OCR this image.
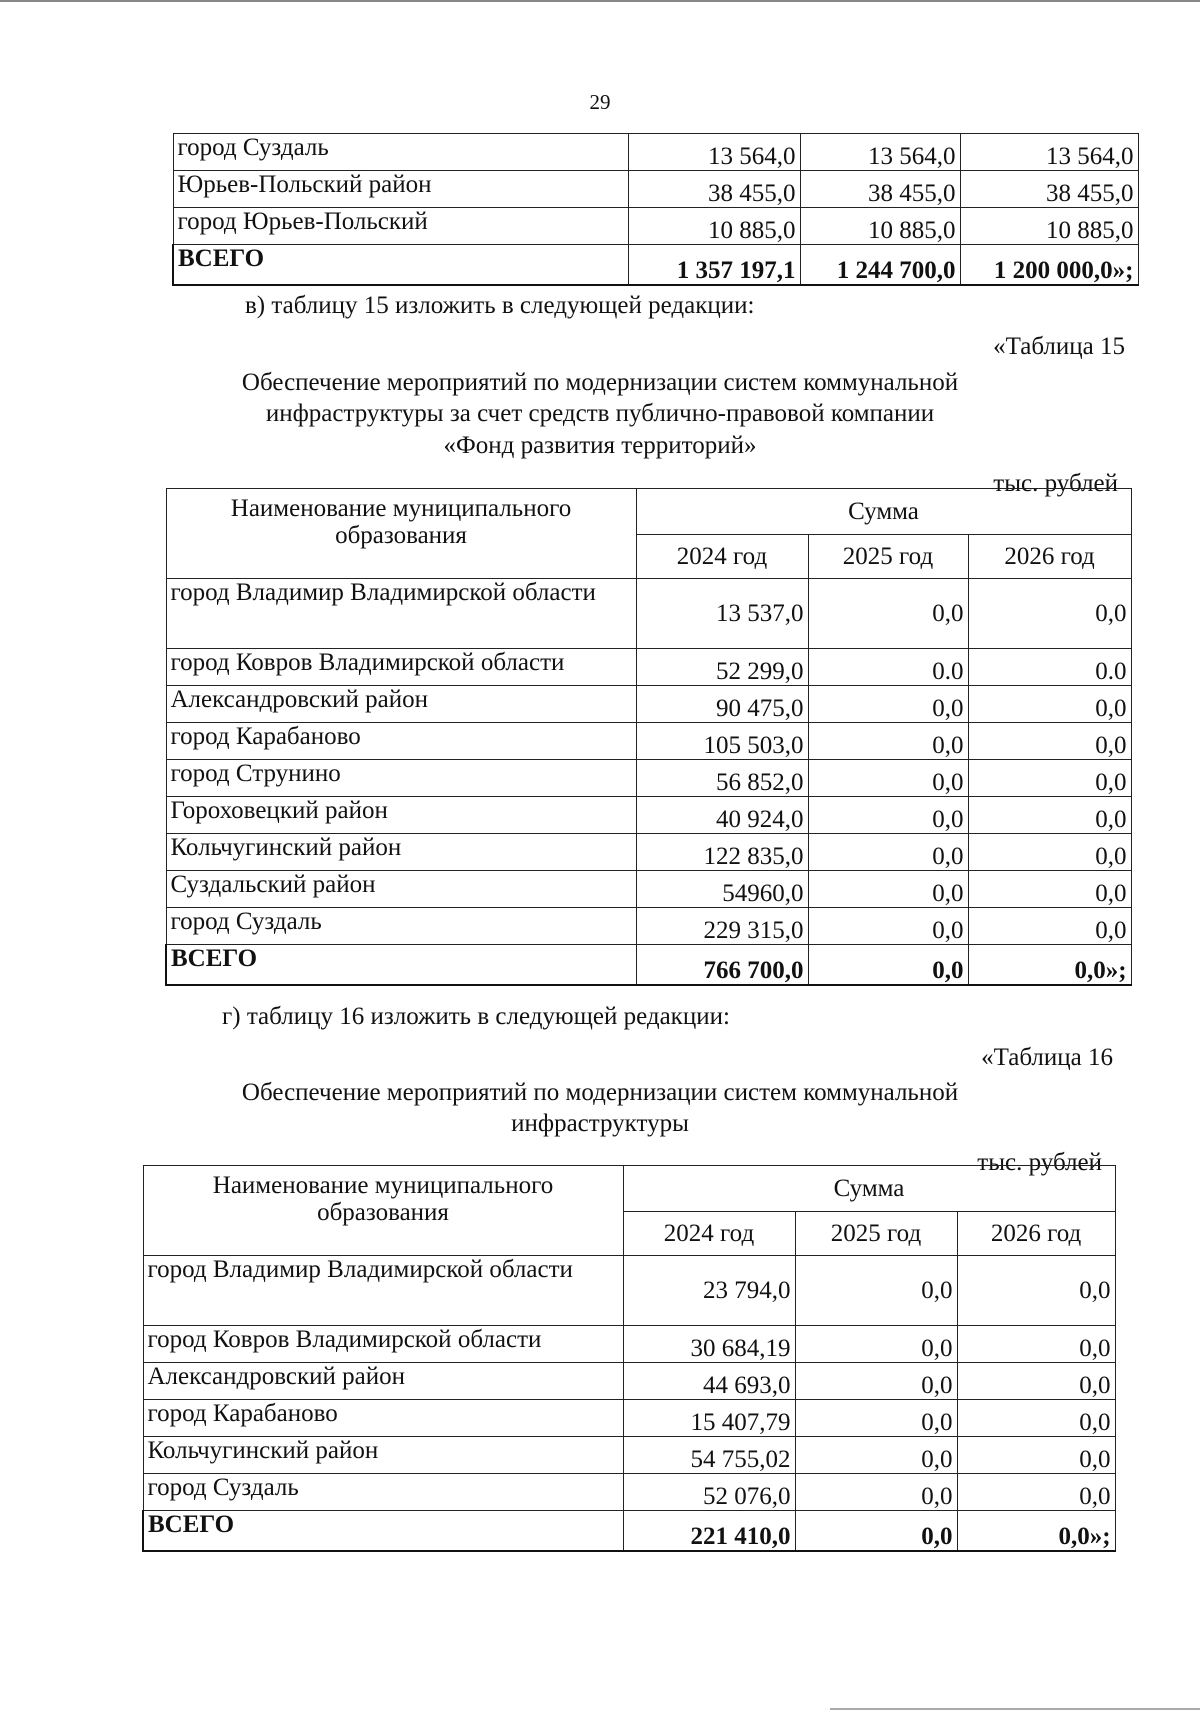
29
город Суздаль	13 564,0	13 564,0	13 564,0
Юрьев-Польский район	38 455,0	38 455,0	38 455,0
город Юрьев-Польский	10 885,0	10 885,0	10 885,0
ВСЕГО	1 357 197,1	1 244 700,0	1 200 000,0»;
в) таблицу 15 изложить в следующей редакции:
«Таблица 15
Обеспечение мероприятий по модернизации систем коммунальной
инфраструктуры за счет средств публично-правовой компании
«Фонд развития территорий»
тыс. рублей
Наименование муниципального образования	Сумма		
	2024 год	2025 год	2026 год
город Владимир Владимирской области	13 537,0	0,0	0,0
город Ковров Владимирской области	52 299,0	0.0	0.0
Александровский район	90 475,0	0,0	0,0
город Карабаново	105 503,0	0,0	0,0
город Струнино	56 852,0	0,0	0,0
Гороховецкий район	40 924,0	0,0	0,0
Кольчугинский район	122 835,0	0,0	0,0
Суздальский район	54960,0	0,0	0,0
город Суздаль	229 315,0	0,0	0,0
ВСЕГО	766 700,0	0,0	0,0»;
г) таблицу 16 изложить в следующей редакции:
«Таблица 16
Обеспечение мероприятий по модернизации систем коммунальной
инфраструктуры
тыс. рублей
Наименование муниципального образования	Сумма		
	2024 год	2025 год	2026 год
город Владимир Владимирской области	23 794,0	0,0	0,0
город Ковров Владимирской области	30 684,19	0,0	0,0
Александровский район	44 693,0	0,0	0,0
город Карабаново	15 407,79	0,0	0,0
Кольчугинский район	54 755,02	0,0	0,0
город Суздаль	52 076,0	0,0	0,0
ВСЕГО	221 410,0	0,0	0,0»;
